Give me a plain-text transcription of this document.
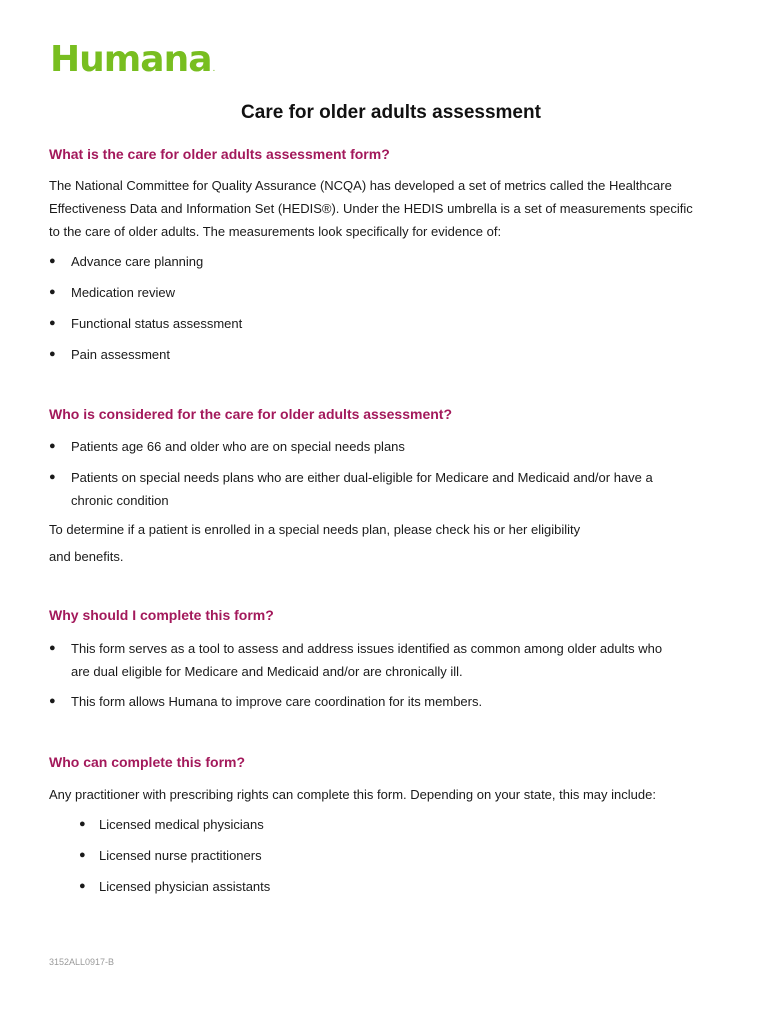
Humana.
Care for older adults assessment
What is the care for older adults assessment form?

The National Committee for Quality Assurance (NCQA) has developed a set of metrics called the Healthcare
Effectiveness Data and Information Set (HEDIS®). Under the HEDIS umbrella is a set of measurements specific
to the care of older adults. The measurements look specifically for evidence of:

●	Advance care planning
●	Medication review
●	Functional status assessment
●	Pain assessment
Who is considered for the care for older adults assessment?
●	Patients age 66 and older who are on special needs plans
●	Patients on special needs plans who are either dual-eligible for Medicare and Medicaid and/or have a
chronic condition

To determine if a patient is enrolled in a special needs plan, please check his or her eligibility
and benefits.

Why should I complete this form?
●	This form serves as a tool to assess and address issues identified as common among older adults who
are dual eligible for Medicare and Medicaid and/or are chronically ill.
●	This form allows Humana to improve care coordination for its members.
Who can complete this form?

Any practitioner with prescribing rights can complete this form. Depending on your state, this may include:

●	Licensed medical physicians
●	Licensed nurse practitioners
●	Licensed physician assistants
3152ALL0917-B
